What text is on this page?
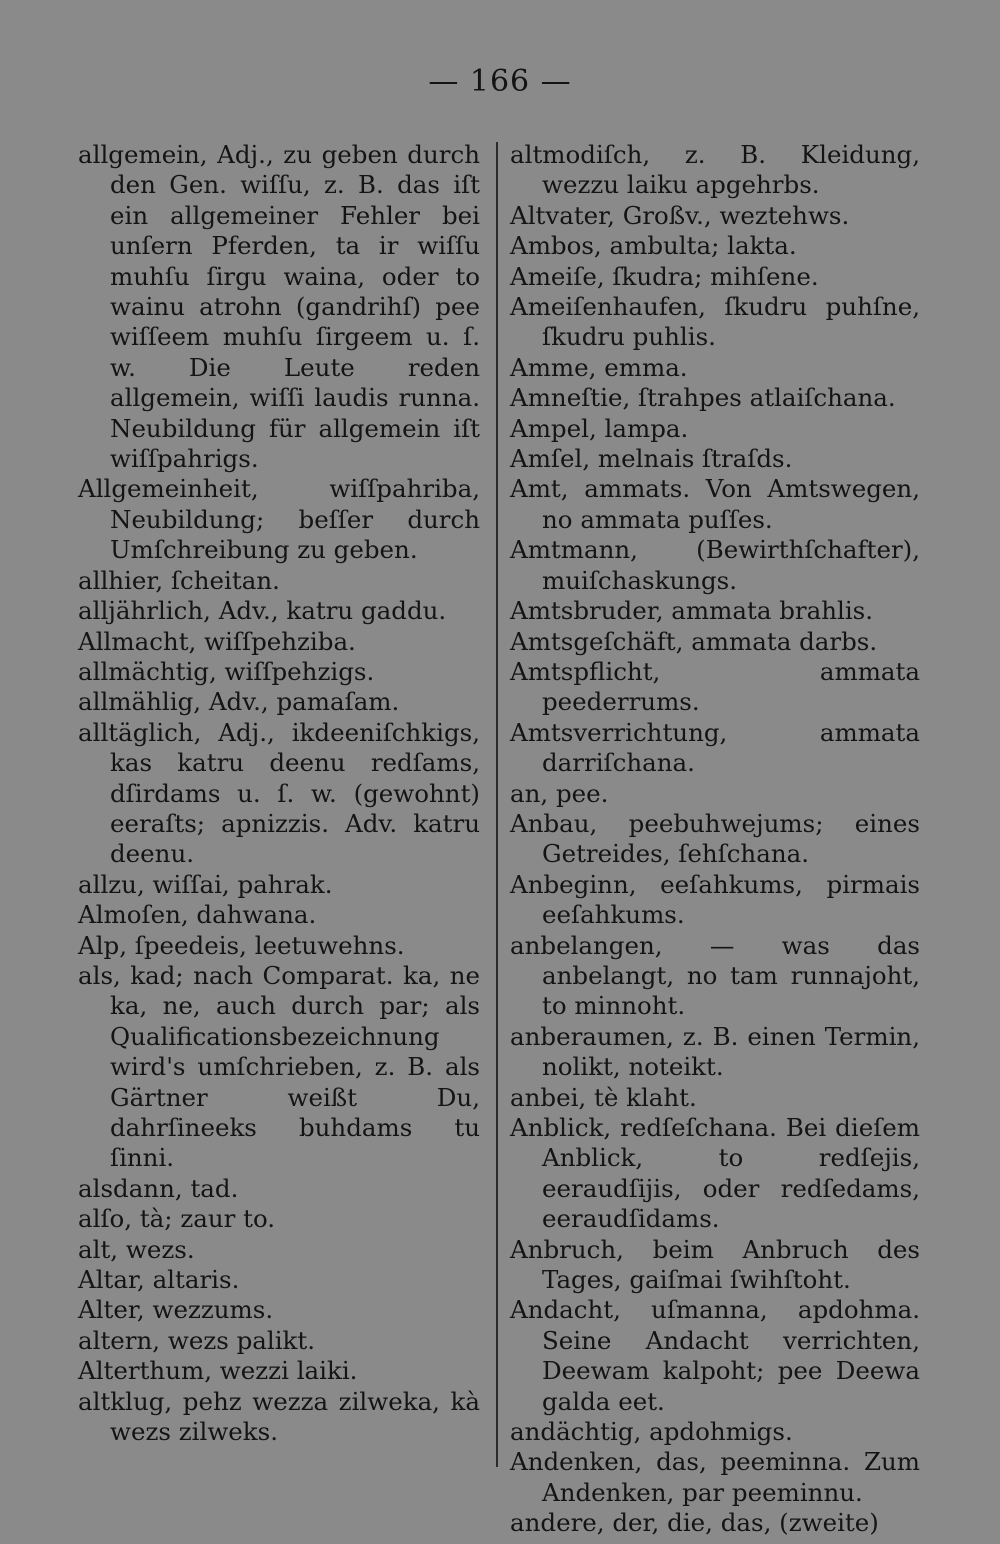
— 166 —

allgemein, Adj., zu geben durch den Gen. wiſſu, z. B. das iſt ein allgemeiner Fehler bei unſern Pferden, ta ir wiſſu muhſu ſirgu waina, oder to wainu atrohn (gandrihſ) pee wiſſeem muhſu ſirgeem u. ſ. w. Die Leute reden allgemein, wiſſi laudis runna. Neubildung für allgemein iſt wiſſpahrigs.

Allgemeinheit, wiſſpahriba, Neubildung; beſſer durch Umſchreibung zu geben.

allhier, ſcheitan.

alljährlich, Adv., katru gaddu.

Allmacht, wiſſpehziba.

allmächtig, wiſſpehzigs.

allmählig, Adv., pamaſam.

alltäglich, Adj., ikdeeniſchkigs, kas katru deenu redſams, dſirdams u. ſ. w. (gewohnt) eeraſts; apnizzis. Adv. katru deenu.

allzu, wiſſai, pahrak.

Almoſen, dahwana.

Alp, ſpeedeis, leetuwehns.

als, kad; nach Comparat. ka, ne ka, ne, auch durch par; als Qualificationsbezeichnung wird's umſchrieben, z. B. als Gärtner weißt Du, dahrſineeks buhdams tu ſinni.

alsdann, tad.

alſo, tà; zaur to.

alt, wezs.

Altar, altaris.

Alter, wezzums.

altern, wezs palikt.

Alterthum, wezzi laiki.

altklug, pehz wezza zilweka, kà wezs zilweks.

altmodiſch, z. B. Kleidung, wezzu laiku apgehrbs.

Altvater, Großv., weztehws.

Ambos, ambulta; lakta.

Ameiſe, ſkudra; mihſene.

Ameiſenhaufen, ſkudru puhſne, ſkudru puhlis.

Amme, emma.

Amneſtie, ſtrahpes atlaiſchana.

Ampel, lampa.

Amſel, melnais ſtraſds.

Amt, ammats. Von Amtswegen, no ammata puſſes.

Amtmann, (Bewirthſchafter), muiſchaskungs.

Amtsbruder, ammata brahlis.

Amtsgeſchäft, ammata darbs.

Amtspflicht, ammata peederrums.

Amtsverrichtung, ammata darriſchana.

an, pee.

Anbau, peebuhwejums; eines Getreides, ſehſchana.

Anbeginn, eeſahkums, pirmais eeſahkums.

anbelangen, — was das anbelangt, no tam runnajoht, to minnoht.

anberaumen, z. B. einen Termin, nolikt, noteikt.

anbei, tè klaht.

Anblick, redſeſchana. Bei dieſem Anblick, to redſejis, eeraudſijis, oder redſedams, eeraudſidams.

Anbruch, beim Anbruch des Tages, gaiſmai ſwihſtoht.

Andacht, uſmanna, apdohma. Seine Andacht verrichten, Deewam kalpoht; pee Deewa galda eet.

andächtig, apdohmigs.

Andenken, das, peeminna. Zum Andenken, par peeminnu.

andere, der, die, das, (zweite)
